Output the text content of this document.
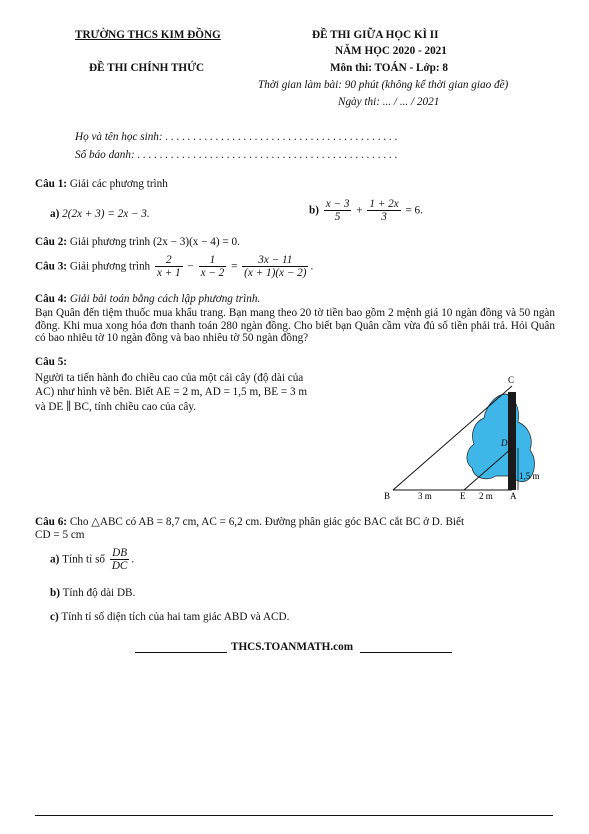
TRƯỜNG THCS KIM ĐỒNG
ĐỀ THI CHÍNH THỨC
ĐỀ THI GIỮA HỌC KÌ II
NĂM HỌC 2020 - 2021
Môn thi: TOÁN - Lớp: 8
Thời gian làm bài: 90 phút (không kể thời gian giao đề)
Ngày thi: ... / ... / 2021
Họ và tên học sinh: . . . . . . . . . . . . . . . . . . . . . . . . . . . . . . . . . . . . . . . . . .
Số báo danh: . . . . . . . . . . . . . . . . . . . . . . . . . . . . . . . . . . . . . . . . . . . . . . .
Câu 1: Giải các phương trình
a) 2(2x + 3) = 2x − 3.	$b) \frac{x - 3}{5} + \frac{1 + 2x}{3} = 6$.
Câu 2: Giải phương trình (2x − 3)(x − 4) = 0.
Câu 3: Giải phương trình $\frac{2}{x + 1} - \frac{1}{x - 2} = \frac{3x - 11}{(x + 1)(x - 2)}$ .
Câu 4: Giải bài toán bằng cách lập phương trình.
Bạn Quân đến tiệm thuốc mua khẩu trang. Bạn mang theo 20 tờ tiền bao gồm 2 mệnh giá 10 ngàn đồng và 50 ngàn đồng. Khi mua xong hóa đơn thanh toán 280 ngàn đồng. Cho biết bạn Quân cầm vừa đủ số tiền phải trả. Hỏi Quân có bao nhiêu tờ 10 ngàn đồng và bao nhiêu tờ 50 ngàn đồng?
Câu 5:
Người ta tiến hành đo chiều cao của một cái cây (độ dài của
AC) như hình vẽ bên. Biết AE = 2 m, AD = 1,5 m, BE = 3 m
và DE ∥ BC, tính chiều cao của cây.
C
D
B	E	A
3 m	2 m
1,5 m
Câu 6: Cho △ABC có AB = 8,7 cm, AC = 6,2 cm. Đường phân giác góc BAC cắt BC ở D. Biết
CD = 5 cm
a) Tính tỉ số $\frac{DB}{DC}$ .
b) Tính độ dài DB.
c) Tính tỉ số diện tích của hai tam giác ABD và ACD.
THCS.TOANMATH.com
